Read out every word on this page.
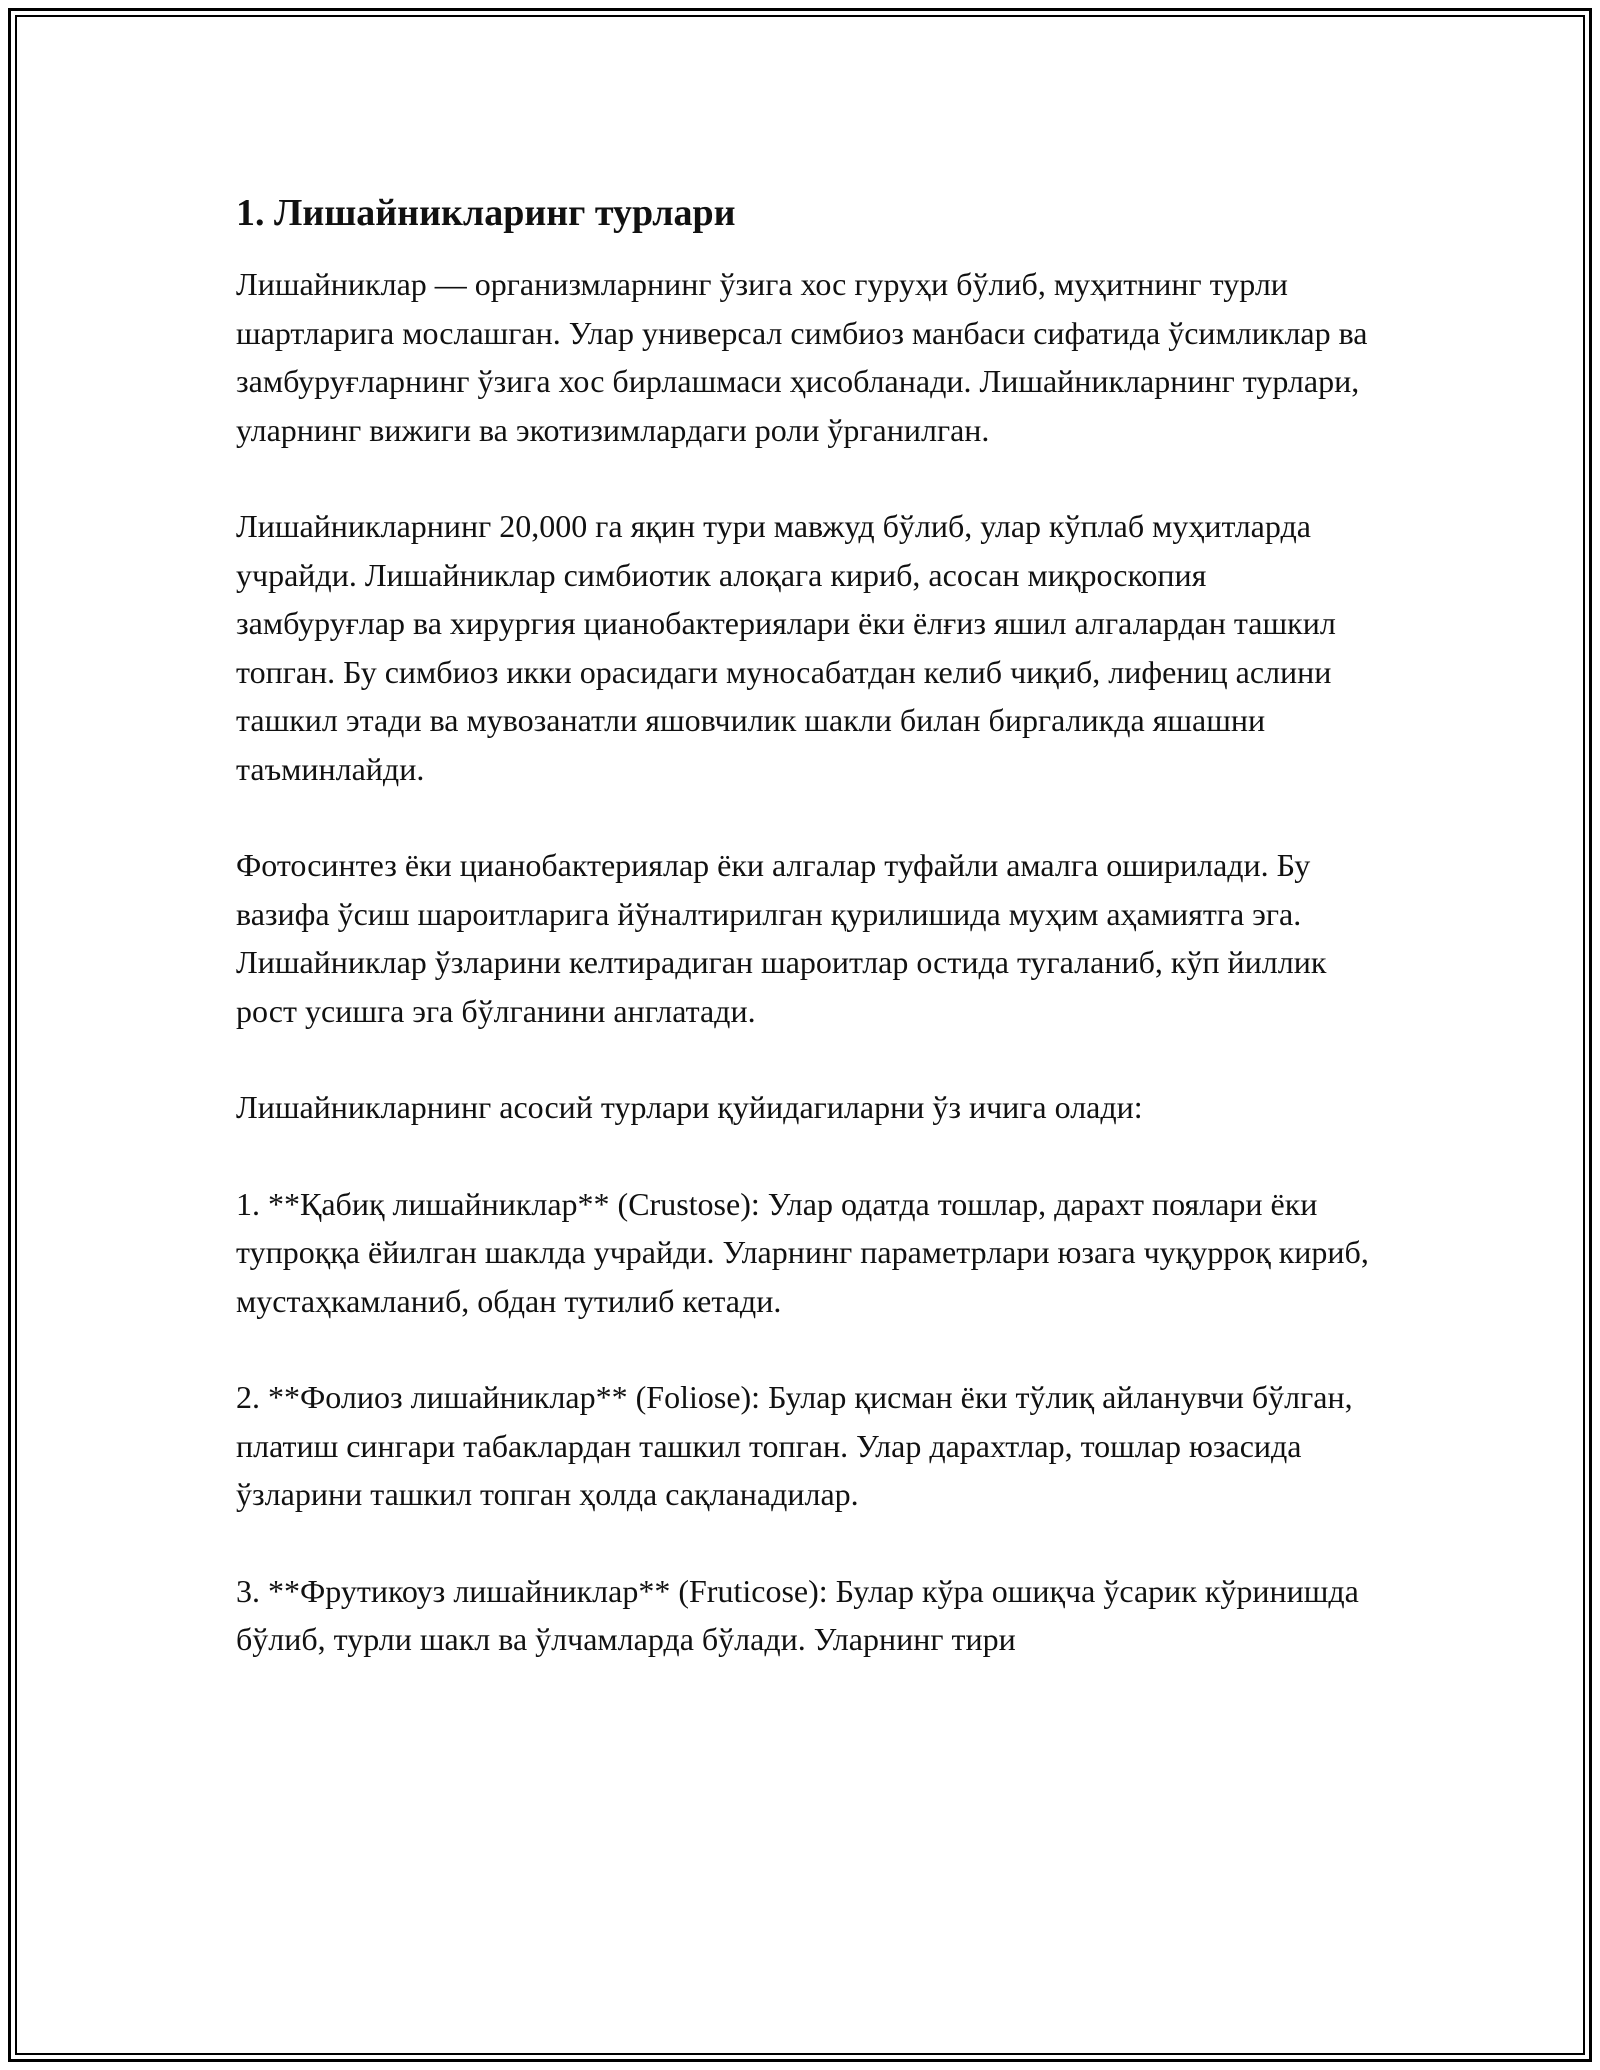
1. Лишайникларинг турлари

Лишайниклар — организмларнинг ўзига хос гуруҳи бўлиб, муҳитнинг турли шартларига мослашган. Улар универсал симбиоз манбаси сифатида ўсимликлар ва замбуруғларнинг ўзига хос бирлашмаси ҳисобланади. Лишайникларнинг турлари, уларнинг вижиги ва экотизимлардаги роли ўрганилган.

Лишайникларнинг 20,000 га яқин тури мавжуд бўлиб, улар кўплаб муҳитларда учрайди. Лишайниклар симбиотик алоқага кириб, асосан миқроскопия замбуруғлар ва хирургия цианобактериялари ёки ёлғиз яшил алгалардан ташкил топган. Бу симбиоз икки орасидаги муносабатдан келиб чиқиб, лифениц аслини ташкил этади ва мувозанатли яшовчилик шакли билан биргаликда яшашни таъминлайди.

Фотосинтез ёки цианобактериялар ёки алгалар туфайли амалга оширилади. Бу вазифа ўсиш шароитларига йўналтирилган қурилишида муҳим аҳамиятга эга. Лишайниклар ўзларини келтирадиган шароитлар остида тугаланиб, кўп йиллик рост усишга эга бўлганини англатади.

Лишайникларнинг асосий турлари қуйидагиларни ўз ичига олади:

1. **Қабиқ лишайниклар** (Crustose): Улар одатда тошлар, дарахт поялари ёки тупроққа ёйилган шаклда учрайди. Уларнинг параметрлари юзага чуқурроқ кириб, мустаҳкамланиб, обдан тутилиб кетади.

2. **Фолиоз лишайниклар** (Foliose): Булар қисман ёки тўлиқ айланувчи бўлган, платиш сингари табаклардан ташкил топган. Улар дарахтлар, тошлар юзасида ўзларини ташкил топган ҳолда сақланадилар.

3. **Фрутикоуз лишайниклар** (Fruticose): Булар кўра ошиқча ўсарик кўринишда бўлиб, турли шакл ва ўлчамларда бўлади. Уларнинг тири
